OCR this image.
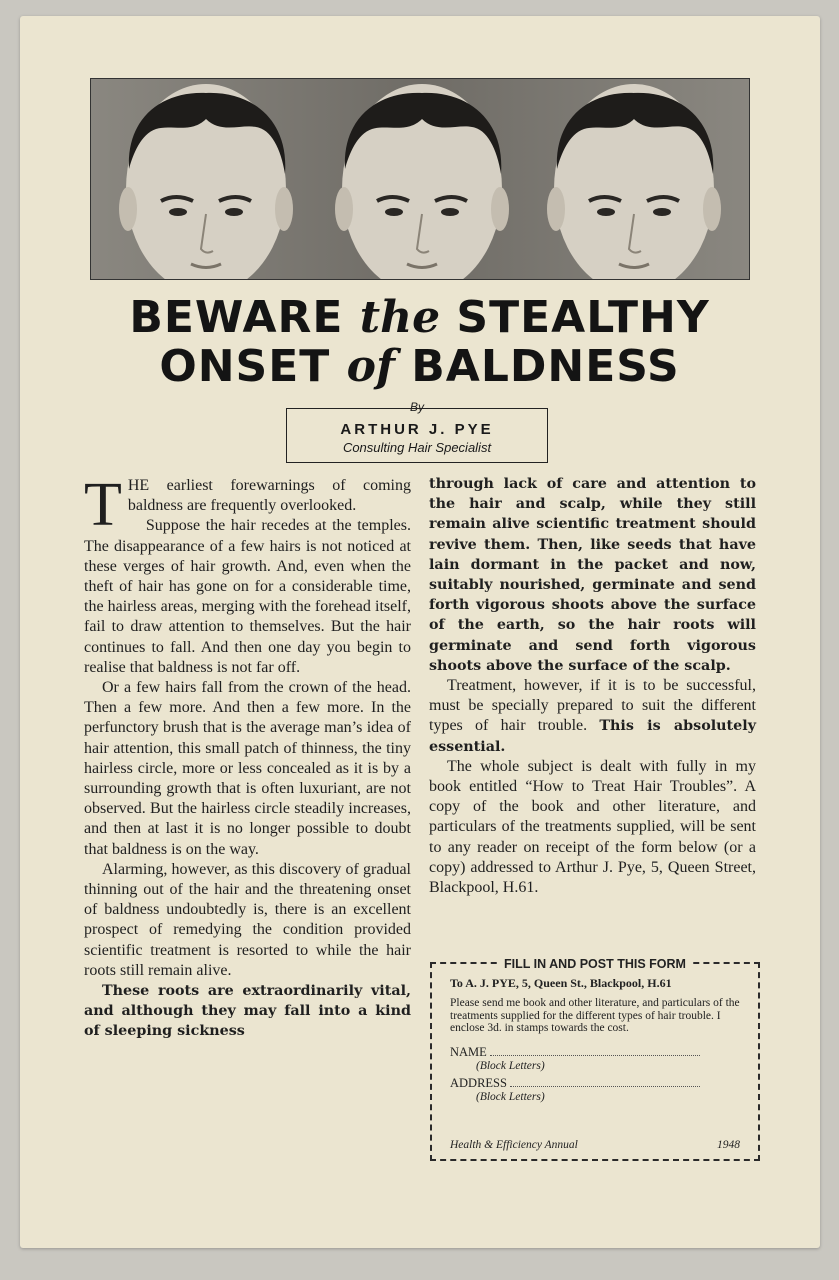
BEWARE the STEALTHY
ONSET of BALDNESS
By
ARTHUR J. PYE
Consulting Hair Specialist

THE earliest forewarnings of coming baldness are frequently overlooked.

Suppose the hair recedes at the temples. The disappearance of a few hairs is not noticed at these verges of hair growth. And, even when the theft of hair has gone on for a considerable time, the hairless areas, merging with the forehead itself, fail to draw attention to themselves. But the hair continues to fall. And then one day you begin to realise that baldness is not far off.

Or a few hairs fall from the crown of the head. Then a few more. And then a few more. In the perfunctory brush that is the average man’s idea of hair attention, this small patch of thinness, the tiny hairless circle, more or less concealed as it is by a surrounding growth that is often luxuriant, are not observed. But the hairless circle steadily increases, and then at last it is no longer possible to doubt that baldness is on the way.

Alarming, however, as this discovery of gradual thinning out of the hair and the threatening onset of baldness undoubtedly is, there is an excellent prospect of remedying the condition provided scientific treatment is resorted to while the hair roots still remain alive.

These roots are extraordinarily vital, and although they may fall into a kind of sleeping sickness

through lack of care and attention to the hair and scalp, while they still remain alive scientific treatment should revive them. Then, like seeds that have lain dormant in the packet and now, suitably nourished, germinate and send forth vigorous shoots above the surface of the earth, so the hair roots will germinate and send forth vigorous shoots above the surface of the scalp.

Treatment, however, if it is to be successful, must be specially prepared to suit the different types of hair trouble. This is absolutely essential.

The whole subject is dealt with fully in my book entitled “How to Treat Hair Troubles”. A copy of the book and other literature, and particulars of the treatments supplied, will be sent to any reader on receipt of the form below (or a copy) addressed to Arthur J. Pye, 5, Queen Street, Blackpool, H.61.

FILL IN AND POST THIS FORM
To A. J. PYE, 5, Queen St., Blackpool, H.61
Please send me book and other literature, and particulars of the treatments supplied for the different types of hair trouble. I enclose 3d. in stamps towards the cost.
NAME
(Block Letters)
ADDRESS
(Block Letters)
Health & Efficiency Annual	1948
